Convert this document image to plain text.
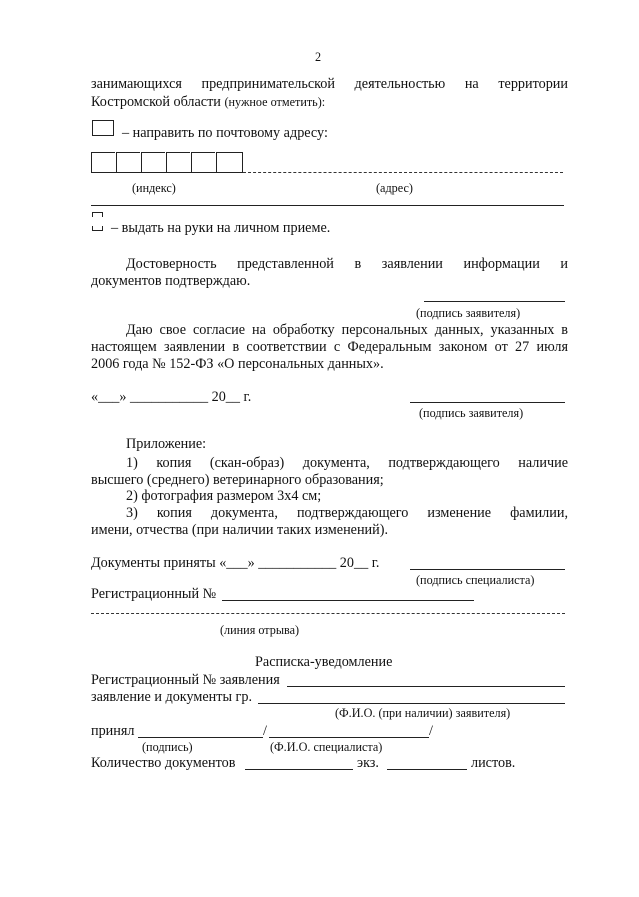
2
занимающихся предпринимательской деятельностью на территории
Костромской области (нужное отметить):
– направить по почтовому адресу:
(индекс)	(адрес)
– выдать на руки на личном приеме.
Достоверность представленной в заявлении информации и
документов подтверждаю.
(подпись заявителя)
Даю свое согласие на обработку персональных данных, указанных в
настоящем заявлении в соответствии с Федеральным законом от 27 июля
2006 года № 152-ФЗ «О персональных данных».
«___» ___________ 20__ г.
(подпись заявителя)
Приложение:
1) копия (скан-образ) документа, подтверждающего наличие
высшего (среднего) ветеринарного образования;
2) фотография размером 3х4 см;
3) копия документа, подтверждающего изменение фамилии,
имени, отчества (при наличии таких изменений).
Документы приняты «___» ___________ 20__ г.
(подпись специалиста)
Регистрационный №
(линия отрыва)
Расписка-уведомление
Регистрационный № заявления
заявление и документы гр.
(Ф.И.О. (при наличии) заявителя)
принял	/	/
(подпись)	(Ф.И.О. специалиста)
Количество документов	экз.	листов.
